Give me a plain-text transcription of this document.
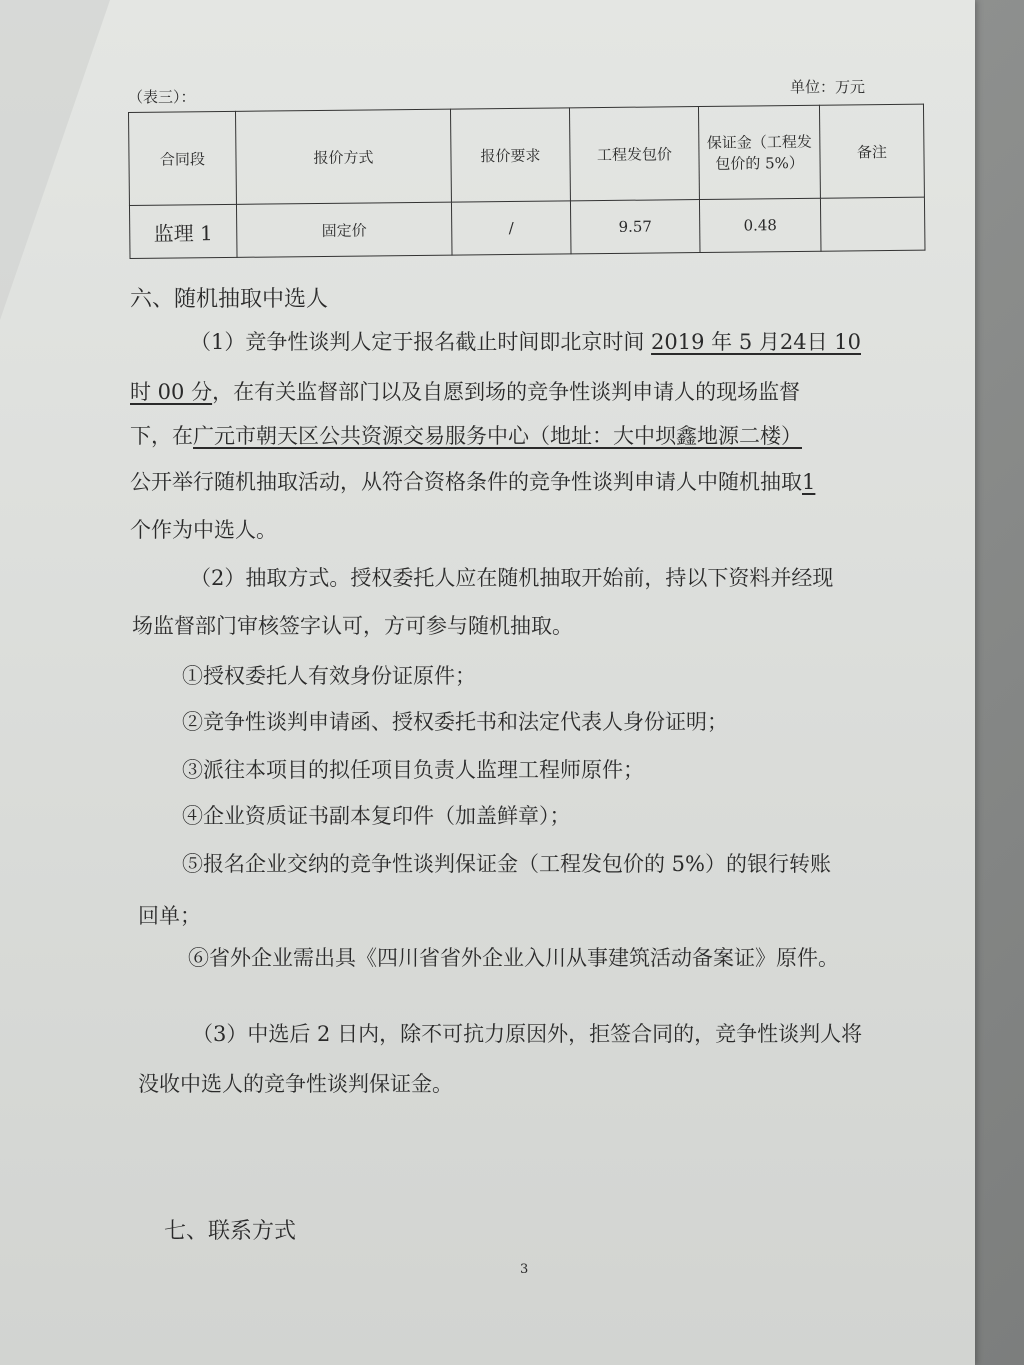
（表三）：
单位：万元
合同段	报价方式	报价要求	工程发包价	保证金（工程发包价的 5%）	备注
监理 1	固定价	/	9.57	0.48	
六、随机抽取中选人
（1）竞争性谈判人定于报名截止时间即北京时间 2019 年 5 月24日 10
时 00 分，在有关监督部门以及自愿到场的竞争性谈判申请人的现场监督
下，在广元市朝天区公共资源交易服务中心（地址：大中坝鑫地源二楼）
公开举行随机抽取活动，从符合资格条件的竞争性谈判申请人中随机抽取1
个作为中选人。
（2）抽取方式。授权委托人应在随机抽取开始前，持以下资料并经现
场监督部门审核签字认可，方可参与随机抽取。
①授权委托人有效身份证原件；
②竞争性谈判申请函、授权委托书和法定代表人身份证明；
③派往本项目的拟任项目负责人监理工程师原件；
④企业资质证书副本复印件（加盖鲜章）；
⑤报名企业交纳的竞争性谈判保证金（工程发包价的 5%）的银行转账
回单；
⑥省外企业需出具《四川省省外企业入川从事建筑活动备案证》原件。
（3）中选后 2 日内，除不可抗力原因外，拒签合同的，竞争性谈判人将
没收中选人的竞争性谈判保证金。
七、联系方式
3
